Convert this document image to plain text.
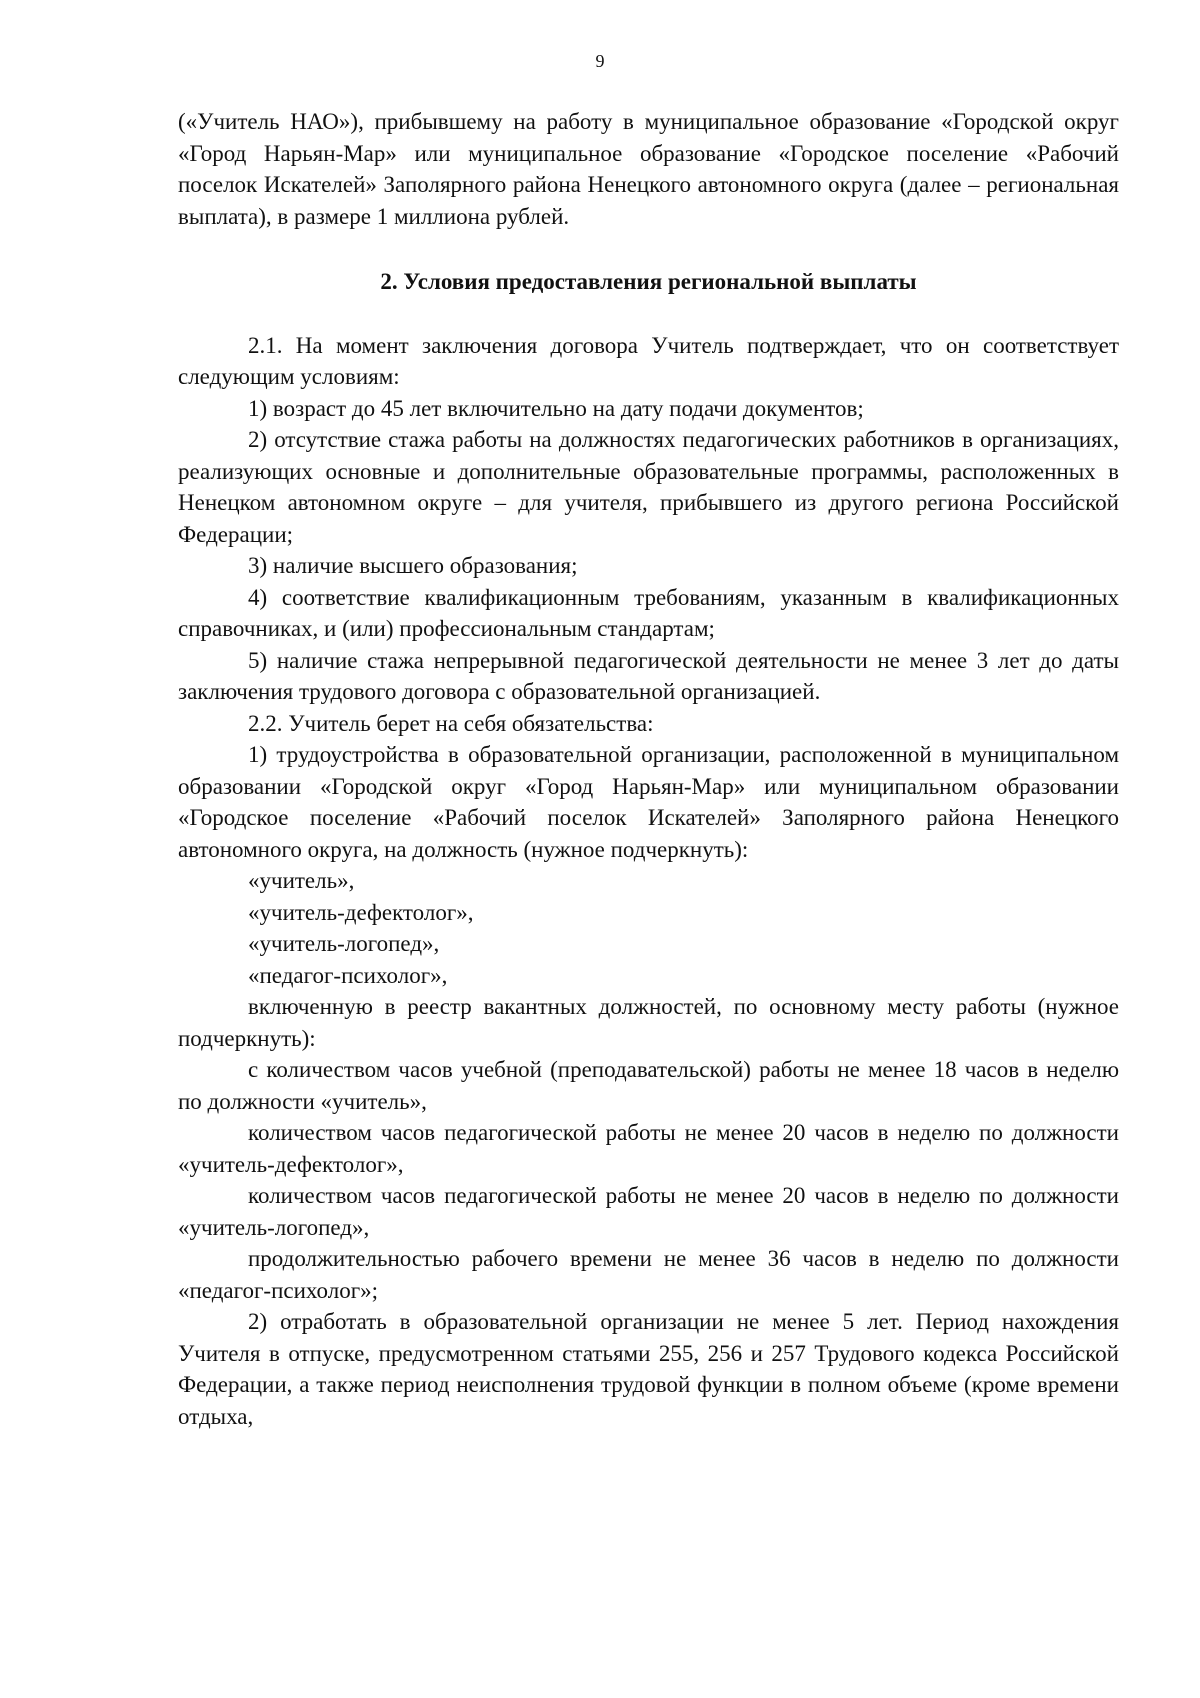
9

(«Учитель НАО»), прибывшему на работу в муниципальное образование «Городской округ «Город Нарьян-Мар» или муниципальное образование «Городское поселение «Рабочий поселок Искателей» Заполярного района Ненецкого автономного округа (далее – региональная выплата), в размере 1 миллиона рублей.

2. Условия предоставления региональной выплаты

2.1. На момент заключения договора Учитель подтверждает, что он соответствует следующим условиям:

1) возраст до 45 лет включительно на дату подачи документов;

2) отсутствие стажа работы на должностях педагогических работников в организациях, реализующих основные и дополнительные образовательные программы, расположенных в Ненецком автономном округе – для учителя, прибывшего из другого региона Российской Федерации;

3) наличие высшего образования;

4) соответствие квалификационным требованиям, указанным в квалификационных справочниках, и (или) профессиональным стандартам;

5) наличие стажа непрерывной педагогической деятельности не менее 3 лет до даты заключения трудового договора с образовательной организацией.

2.2. Учитель берет на себя обязательства:

1) трудоустройства в образовательной организации, расположенной в муниципальном образовании «Городской округ «Город Нарьян-Мар» или муниципальном образовании «Городское поселение «Рабочий поселок Искателей» Заполярного района Ненецкого автономного округа, на должность (нужное подчеркнуть):

«учитель»,

«учитель-дефектолог»,

«учитель-логопед»,

«педагог-психолог»,

включенную в реестр вакантных должностей, по основному месту работы (нужное подчеркнуть):

с количеством часов учебной (преподавательской) работы не менее 18 часов в неделю по должности «учитель»,

количеством часов педагогической работы не менее 20 часов в неделю по должности «учитель-дефектолог»,

количеством часов педагогической работы не менее 20 часов в неделю по должности «учитель-логопед»,

продолжительностью рабочего времени не менее 36 часов в неделю по должности «педагог-психолог»;

2) отработать в образовательной организации не менее 5 лет. Период нахождения Учителя в отпуске, предусмотренном статьями 255, 256 и 257 Трудового кодекса Российской Федерации, а также период неисполнения трудовой функции в полном объеме (кроме времени отдыха,
